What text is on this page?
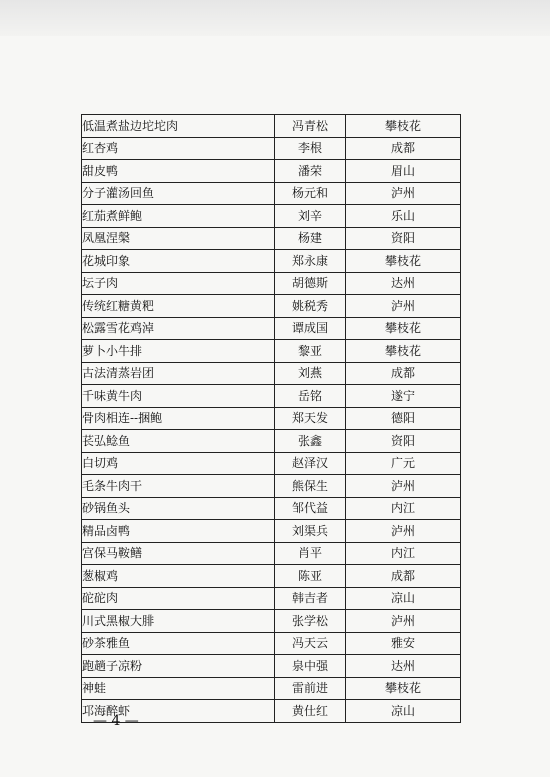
低温煮盐边坨坨肉	冯青松	攀枝花
红杏鸡	李根	成都
甜皮鸭	潘荣	眉山
分子灌汤回鱼	杨元和	泸州
红茄煮鲜鲍	刘辛	乐山
凤凰涅槃	杨建	资阳
花城印象	郑永康	攀枝花
坛子肉	胡德斯	达州
传统红糖黄粑	姚税秀	泸州
松露雪花鸡淖	谭成国	攀枝花
萝卜小牛排	黎亚	攀枝花
古法清蒸岩团	刘燕	成都
千味黄牛肉	岳铭	遂宁
骨肉相连--捆鲍	郑天发	德阳
苌弘鲶鱼	张鑫	资阳
白切鸡	赵泽汉	广元
毛条牛肉干	熊保生	泸州
砂锅鱼头	邹代益	内江
精品卤鸭	刘渠兵	泸州
宫保马鞍鳝	肖平	内江
葱椒鸡	陈亚	成都
砣砣肉	韩吉者	凉山
川式黑椒大腓	张学松	泸州
砂茶雅鱼	冯天云	雅安
跑趟子凉粉	泉中强	达州
神蛙	雷前进	攀枝花
邛海醉虾	黄仕红	凉山
— 4 —
